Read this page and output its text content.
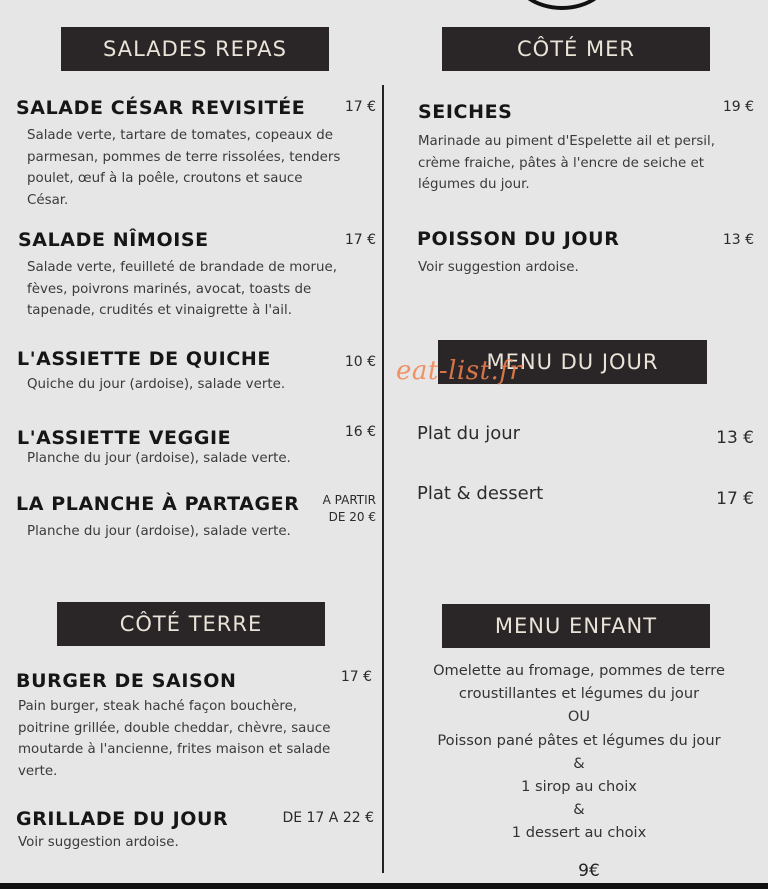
SALADES REPAS	CÔTÉ MER
MENU DU JOUR
CÔTÉ TERRE	MENU ENFANT
SALADE CÉSAR REVISITÉE	17 €
Salade verte, tartare de tomates, copeaux de
parmesan, pommes de terre rissolées, tenders
poulet, œuf à la poêle, croutons et sauce
César.
SALADE NÎMOISE	17 €
Salade verte, feuilleté de brandade de morue,
fèves, poivrons marinés, avocat, toasts de
tapenade, crudités et vinaigrette à l'ail.
L'ASSIETTE DE QUICHE	10 €
Quiche du jour (ardoise), salade verte.
L'ASSIETTE VEGGIE	16 €
Planche du jour (ardoise), salade verte.
LA PLANCHE À PARTAGER	A PARTIR
DE 20 €
Planche du jour (ardoise), salade verte.
SEICHES	19 €
Marinade au piment d'Espelette ail et persil,
crème fraiche, pâtes à l'encre de seiche et
légumes du jour.
POISSON DU JOUR	13 €
Voir suggestion ardoise.
Plat du jour	13 €
Plat & dessert	17 €
eat-list.fr
BURGER DE SAISON	17 €
Pain burger, steak haché façon bouchère,
poitrine grillée, double cheddar, chèvre, sauce
moutarde à l'ancienne, frites maison et salade
verte.
GRILLADE DU JOUR	DE 17 A 22 €
Voir suggestion ardoise.
Omelette au fromage, pommes de terre
croustillantes et légumes du jour
OU
Poisson pané pâtes et légumes du jour
&
1 sirop au choix
&
1 dessert au choix
9€
